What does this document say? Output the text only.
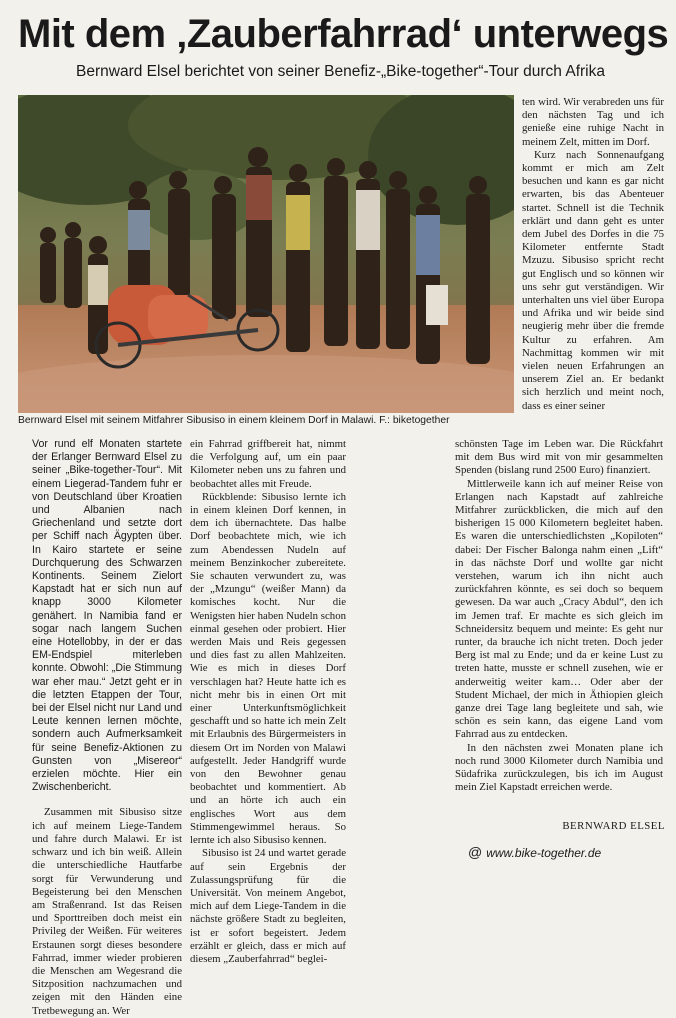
Mit dem ‚Zauberfahrrad‘ unterwegs
Bernward Elsel berichtet von seiner Benefiz-„Bike-together“-Tour durch Afrika
Bernward Elsel mit seinem Mitfahrer Sibusiso in einem kleinem Dorf in Malawi. F.: biketogether

Vor rund elf Monaten startete der Erlanger Bernward Elsel zu seiner „Bike-together-Tour“. Mit einem Liegerad-Tandem fuhr er von Deutschland über Kroatien und Albanien nach Griechenland und setzte dort per Schiff nach Ägypten über. In Kairo startete er seine Durchquerung des Schwarzen Kontinents. Seinem Zielort Kapstadt hat er sich nun auf knapp 3000 Kilometer genähert. In Namibia fand er sogar nach langem Suchen eine Hotellobby, in der er das EM-Endspiel miterleben konnte. Obwohl: „Die Stimmung war eher mau.“ Jetzt geht er in die letzten Etappen der Tour, bei der Elsel nicht nur Land und Leute kennen lernen möchte, sondern auch Aufmerksamkeit für seine Benefiz-Aktionen zu Gunsten von „Misereor“ erzielen möchte. Hier ein Zwischenbericht.

Zusammen mit Sibusiso sitze ich auf meinem Liege-Tandem und fahre durch Malawi. Er ist schwarz und ich bin weiß. Allein die unterschiedliche Hautfarbe sorgt für Verwunderung und Begeisterung bei den Menschen am Straßenrand. Ist das Reisen und Sporttreiben doch meist ein Privileg der Weißen. Für weiteres Erstaunen sorgt dieses besondere Fahrrad, immer wieder probieren die Menschen am Wegesrand die Sitzposition nachzumachen und zeigen mit den Händen eine Tretbewegung an. Wer

ein Fahrrad griffbereit hat, nimmt die Verfolgung auf, um ein paar Kilometer neben uns zu fahren und beobachtet alles mit Freude.

Rückblende: Sibusiso lernte ich in einem kleinen Dorf kennen, in dem ich übernachtete. Das halbe Dorf beobachtete mich, wie ich zum Abendessen Nudeln auf meinem Benzinkocher zubereitete. Sie schauten verwundert zu, was der „Mzungu“ (weißer Mann) da komisches kocht. Nur die Wenigsten hier haben Nudeln schon einmal gesehen oder probiert. Hier werden Mais und Reis gegessen und dies fast zu allen Mahlzeiten. Wie es mich in dieses Dorf verschlagen hat? Heute hatte ich es nicht mehr bis in einen Ort mit einer Unterkunftsmöglichkeit geschafft und so hatte ich mein Zelt mit Erlaubnis des Bürgermeisters in diesem Ort im Norden von Malawi aufgestellt. Jeder Handgriff wurde von den Bewohner genau beobachtet und kommentiert. Ab und an hörte ich auch ein englisches Wort aus dem Stimmengewimmel heraus. So lernte ich also Sibusiso kennen.

Sibusiso ist 24 und wartet gerade auf sein Ergebnis der Zulassungsprüfung für die Universität. Von meinem Angebot, mich auf dem Liege-Tandem in die nächste größere Stadt zu begleiten, ist er sofort begeistert. Jedem erzählt er gleich, dass er mich auf diesem „Zauberfahrrad“ beglei-

ten wird. Wir verabreden uns für den nächsten Tag und ich genieße eine ruhige Nacht in meinem Zelt, mitten im Dorf.

Kurz nach Sonnenaufgang kommt er mich am Zelt besuchen und kann es gar nicht erwarten, bis das Abenteuer startet. Schnell ist die Technik erklärt und dann geht es unter dem Jubel des Dorfes in die 75 Kilometer entfernte Stadt Mzuzu. Sibusiso spricht recht gut Englisch und so können wir uns sehr gut verständigen. Wir unterhalten uns viel über Europa und Afrika und wir beide sind neugierig mehr über die fremde Kultur zu erfahren. Am Nachmittag kommen wir mit vielen neuen Erfahrungen an unserem Ziel an. Er bedankt sich herzlich und meint noch, dass es einer seiner

schönsten Tage im Leben war. Die Rückfahrt mit dem Bus wird mit von mir gesammelten Spenden (bislang rund 2500 Euro) finanziert.

Mittlerweile kann ich auf meiner Reise von Erlangen nach Kapstadt auf zahlreiche Mitfahrer zurückblicken, die mich auf den bisherigen 15 000 Kilometern begleitet haben. Es waren die unterschiedlichsten „Kopiloten“ dabei: Der Fischer Balonga nahm einen „Lift“ in das nächste Dorf und wollte gar nicht verstehen, warum ich ihn nicht auch zurückfahren könnte, es sei doch so bequem gewesen. Da war auch „Cracy Abdul“, den ich im Jemen traf. Er machte es sich gleich im Schneidersitz bequem und meinte: Es geht nur runter, da brauche ich nicht treten. Doch jeder Berg ist mal zu Ende; und da er keine Lust zu treten hatte, musste er schnell zusehen, wie er anderweitig weiter kam… Oder aber der Student Michael, der mich in Äthiopien gleich ganze drei Tage lang begleitete und sah, wie schön es sein kann, das eigene Land vom Fahrrad aus zu entdecken.

In den nächsten zwei Monaten plane ich noch rund 3000 Kilometer durch Namibia und Südafrika zurückzulegen, bis ich im August mein Ziel Kapstadt erreichen werde.

BERNWARD ELSEL
@ www.bike-together.de
